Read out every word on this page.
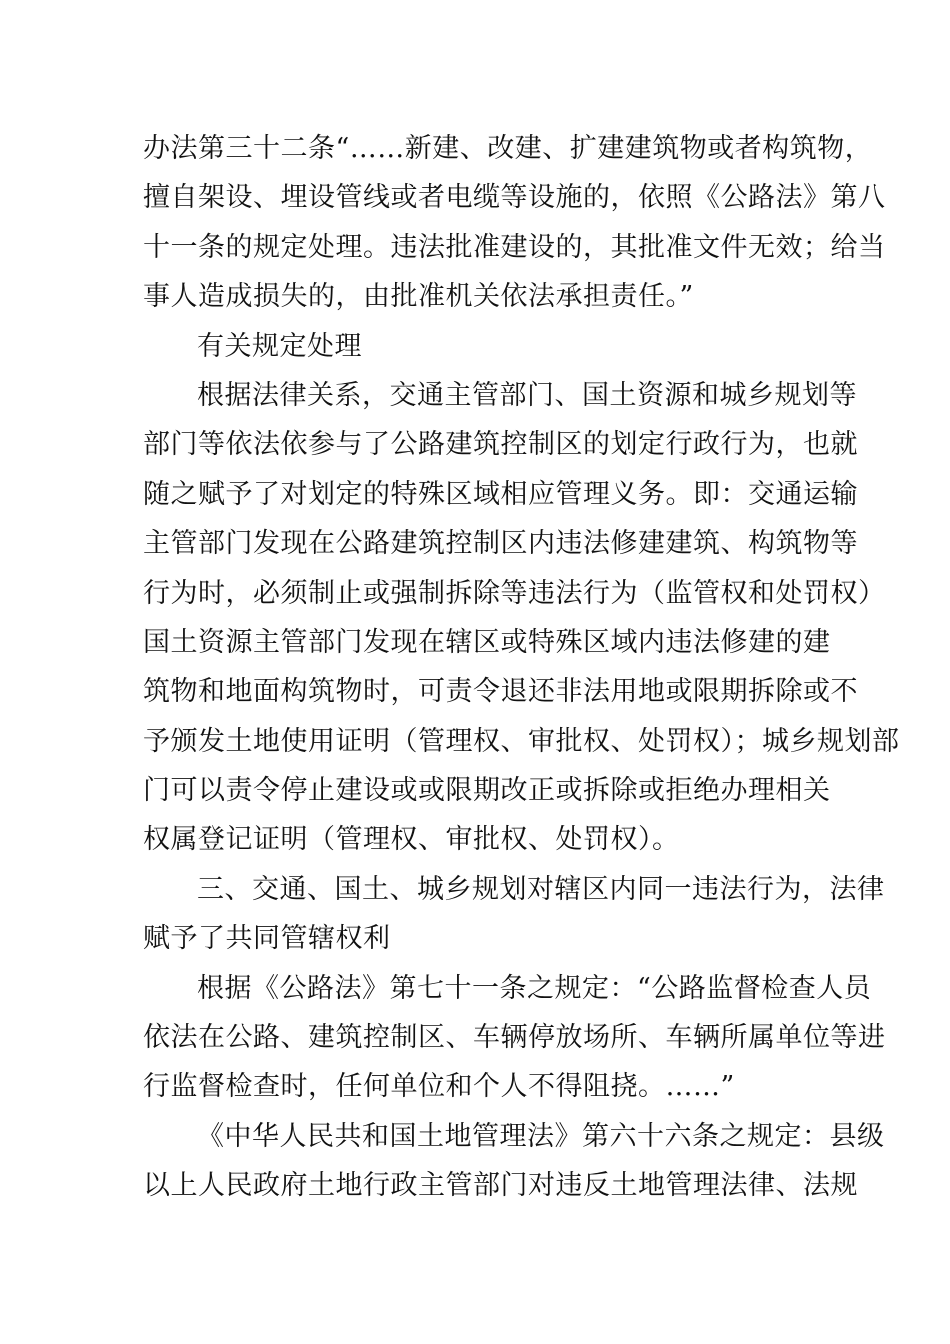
办法第三十二条“……新建、改建、扩建建筑物或者构筑物，
擅自架设、埋设管线或者电缆等设施的，依照《公路法》第八
十一条的规定处理。违法批准建设的，其批准文件无效；给当
事人造成损失的，由批准机关依法承担责任。”
有关规定处理
根据法律关系，交通主管部门、国土资源和城乡规划等
部门等依法依参与了公路建筑控制区的划定行政行为，也就
随之赋予了对划定的特殊区域相应管理义务。即：交通运输
主管部门发现在公路建筑控制区内违法修建建筑、构筑物等
行为时，必须制止或强制拆除等违法行为（监管权和处罚权）
国土资源主管部门发现在辖区或特殊区域内违法修建的建
筑物和地面构筑物时，可责令退还非法用地或限期拆除或不
予颁发土地使用证明（管理权、审批权、处罚权）；城乡规划部
门可以责令停止建设或或限期改正或拆除或拒绝办理相关
权属登记证明（管理权、审批权、处罚权）。
三、交通、国土、城乡规划对辖区内同一违法行为，法律
赋予了共同管辖权利
根据《公路法》第七十一条之规定：“公路监督检查人员
依法在公路、建筑控制区、车辆停放场所、车辆所属单位等进
行监督检查时，任何单位和个人不得阻挠。……”
《中华人民共和国土地管理法》第六十六条之规定：县级
以上人民政府土地行政主管部门对违反土地管理法律、法规
